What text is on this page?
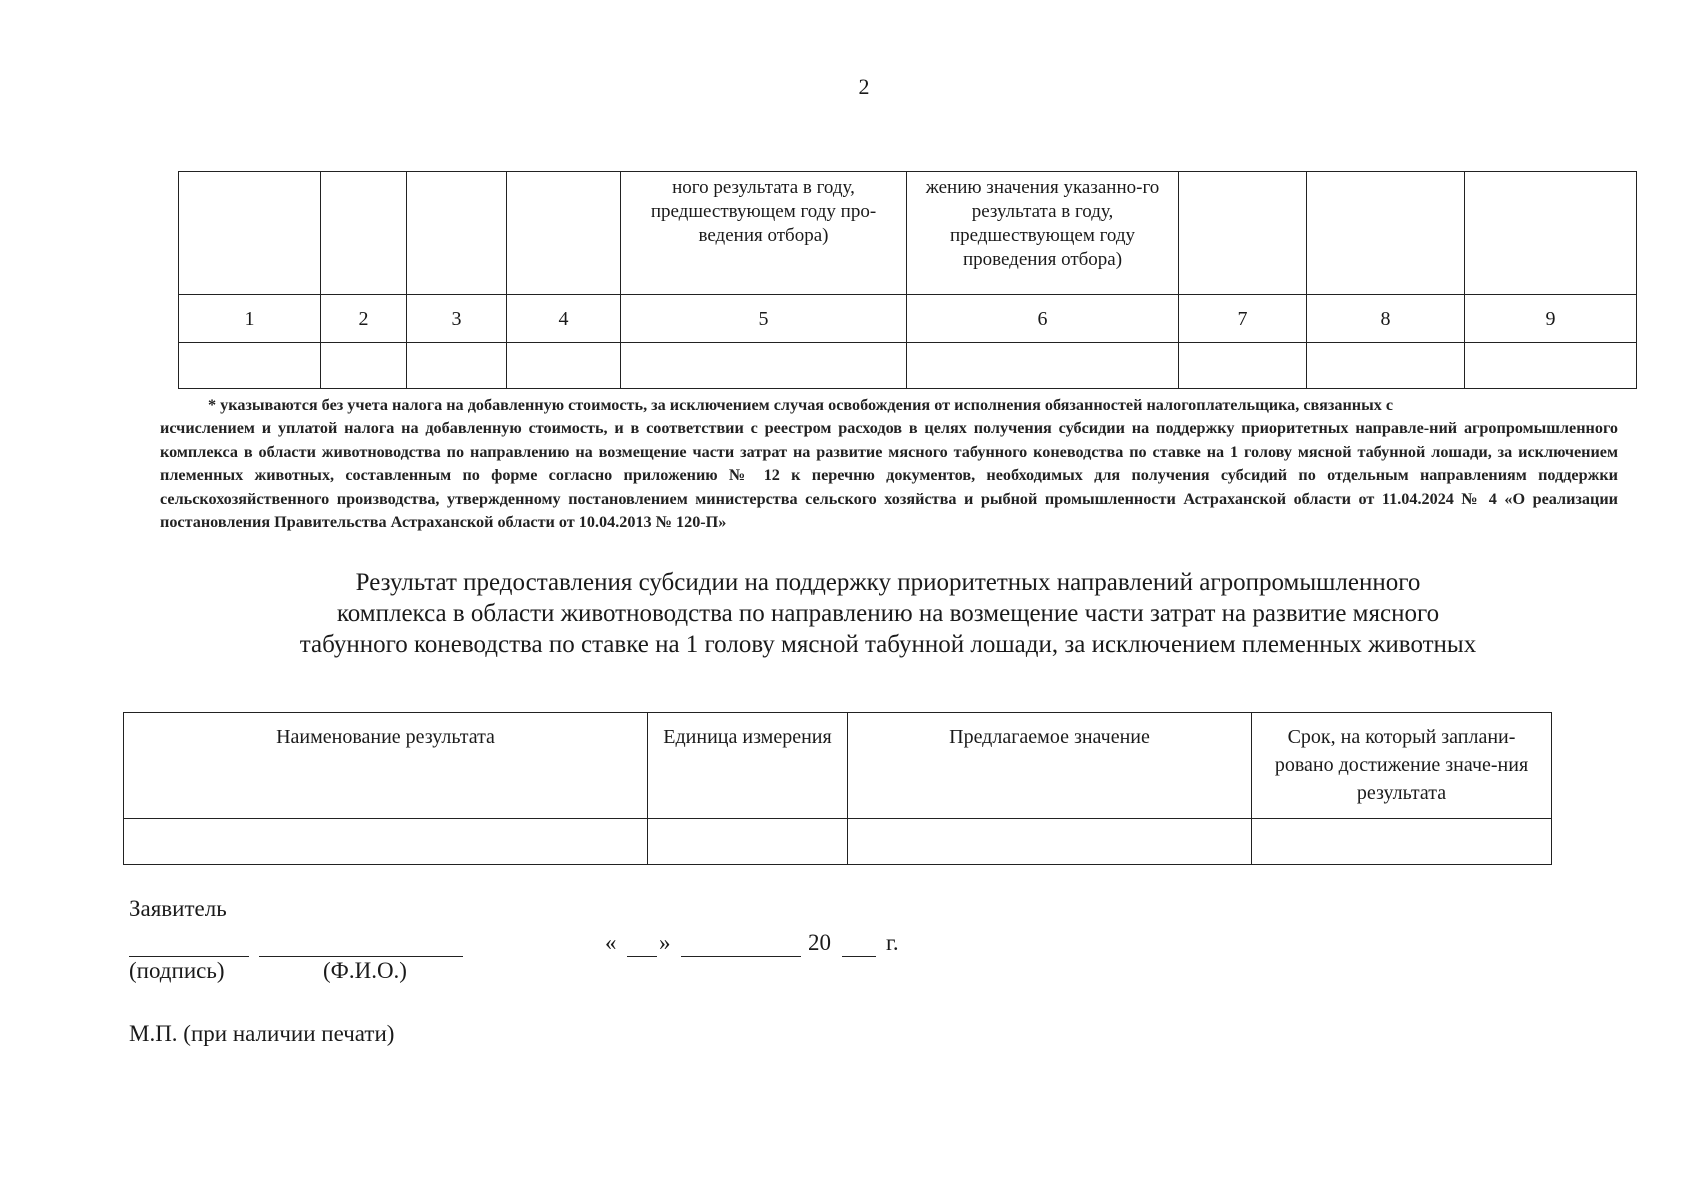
2
				ного результата в году, предшествующем году про-ведения отбора)	жению значения указанно-го результата в году, предшествующем году проведения отбора)			
1	2	3	4	5	6	7	8	9

* указываются без учета налога на добавленную стоимость, за исключением случая освобождения от исполнения обязанностей налогоплательщика, связанных с
исчислением и уплатой налога на добавленную стоимость, и в соответствии с реестром расходов в целях получения субсидии на поддержку приоритетных направле-ний агропромышленного комплекса в области животноводства по направлению на возмещение части затрат на развитие мясного табунного коневодства по ставке на 1 голову мясной табунной лошади, за исключением племенных животных, составленным по форме согласно приложению № 12 к перечню документов, необходимых для получения субсидий по отдельным направлениям поддержки сельскохозяйственного производства, утвержденному постановлением министерства сельского хозяйства и рыбной промышленности Астраханской области от 11.04.2024 № 4 «О реализации постановления Правительства Астраханской области от 10.04.2013 № 120-П»
Результат предоставления субсидии на поддержку приоритетных направлений агропромышленного
комплекса в области животноводства по направлению на возмещение части затрат на развитие мясного
табунного коневодства по ставке на 1 голову мясной табунной лошади, за исключением племенных животных
Наименование результата	Единица измерения	Предлагаемое значение	Срок, на который заплани-ровано достижение значе-ния результата

Заявитель
(подпись)	(Ф.И.О.)
« »	20 г.
М.П. (при наличии печати)
